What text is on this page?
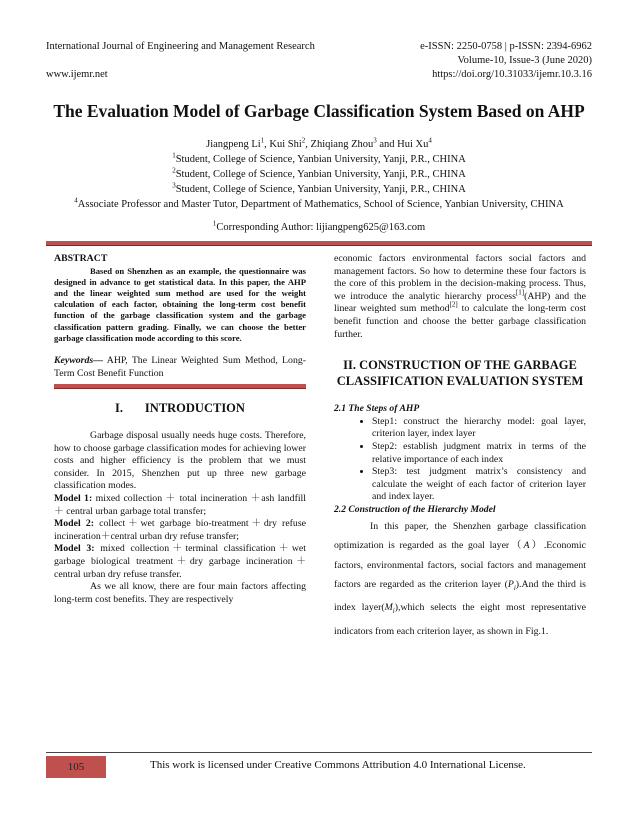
International Journal of Engineering and Management Research	e-ISSN: 2250-0758 | p-ISSN: 2394-6962
Volume-10, Issue-3 (June 2020)
www.ijemr.net	https://doi.org/10.31033/ijemr.10.3.16
The Evaluation Model of Garbage Classification System Based on AHP
Jiangpeng Li$^1$, Kui Shi$^2$, Zhiqiang Zhou$^3$ and Hui Xu$^4$
$^1$Student, College of Science, Yanbian University, Yanji, P.R., CHINA
$^2$Student, College of Science, Yanbian University, Yanji, P.R., CHINA
$^3$Student, College of Science, Yanbian University, Yanji, P.R., CHINA
$^4$Associate Professor and Master Tutor, Department of Mathematics, School of Science, Yanbian University, CHINA
$^1$Corresponding Author: lijiangpeng625@163.com
ABSTRACT

Based on Shenzhen as an example, the questionnaire was designed in advance to get statistical data. In this paper, the AHP and the linear weighted sum method are used for the weight calculation of each factor, obtaining the long-term cost benefit function of the garbage classification system and the garbage classification pattern grading. Finally, we can choose the better garbage classification mode according to this score.

Keywords— AHP, The Linear Weighted Sum Method, Long-Term Cost Benefit Function

I. INTRODUCTION

Garbage disposal usually needs huge costs. Therefore, how to choose garbage classification modes for achieving lower costs and higher efficiency is the problem that we must consider. In 2015, Shenzhen put up three new garbage classification modes.

Model 1: mixed collection ＋ total incineration ＋ash landfill ＋ central urban garbage total transfer;

Model 2: collect＋wet garbage bio-treatment＋dry refuse incineration＋central urban dry refuse transfer;

Model 3: mixed collection＋terminal classification＋wet garbage biological treatment＋dry garbage incineration＋central urban dry refuse transfer.

As we all know, there are four main factors affecting long-term cost benefits. They are respectively

economic factors environmental factors social factors and management factors. So how to determine these four factors is the core of this problem in the decision-making process. Thus, we introduce the analytic hierarchy process[1](AHP) and the linear weighted sum method[2] to calculate the long-term cost benefit function and choose the better garbage classification further.

II. CONSTRUCTION OF THE GARBAGE CLASSIFICATION EVALUATION SYSTEM
2.1 The Steps of AHP
• Step1: construct the hierarchy model: goal layer, criterion layer, index layer
• Step2: establish judgment matrix in terms of the relative importance of each index
• Step3: test judgment matrix’s consistency and calculate the weight of each factor of criterion layer and index layer.
2.2 Construction of the Hierarchy Model

In this paper, the Shenzhen garbage classification optimization is regarded as the goal layer（A）.Economic factors, environmental factors, social factors and management factors are regarded as the criterion layer $(P_i).And$ the third is index $layer(M_i),which$ selects the eight most representative indicators from each criterion layer, as shown in Fig.1.

105	This work is licensed under Creative Commons Attribution 4.0 International License.
